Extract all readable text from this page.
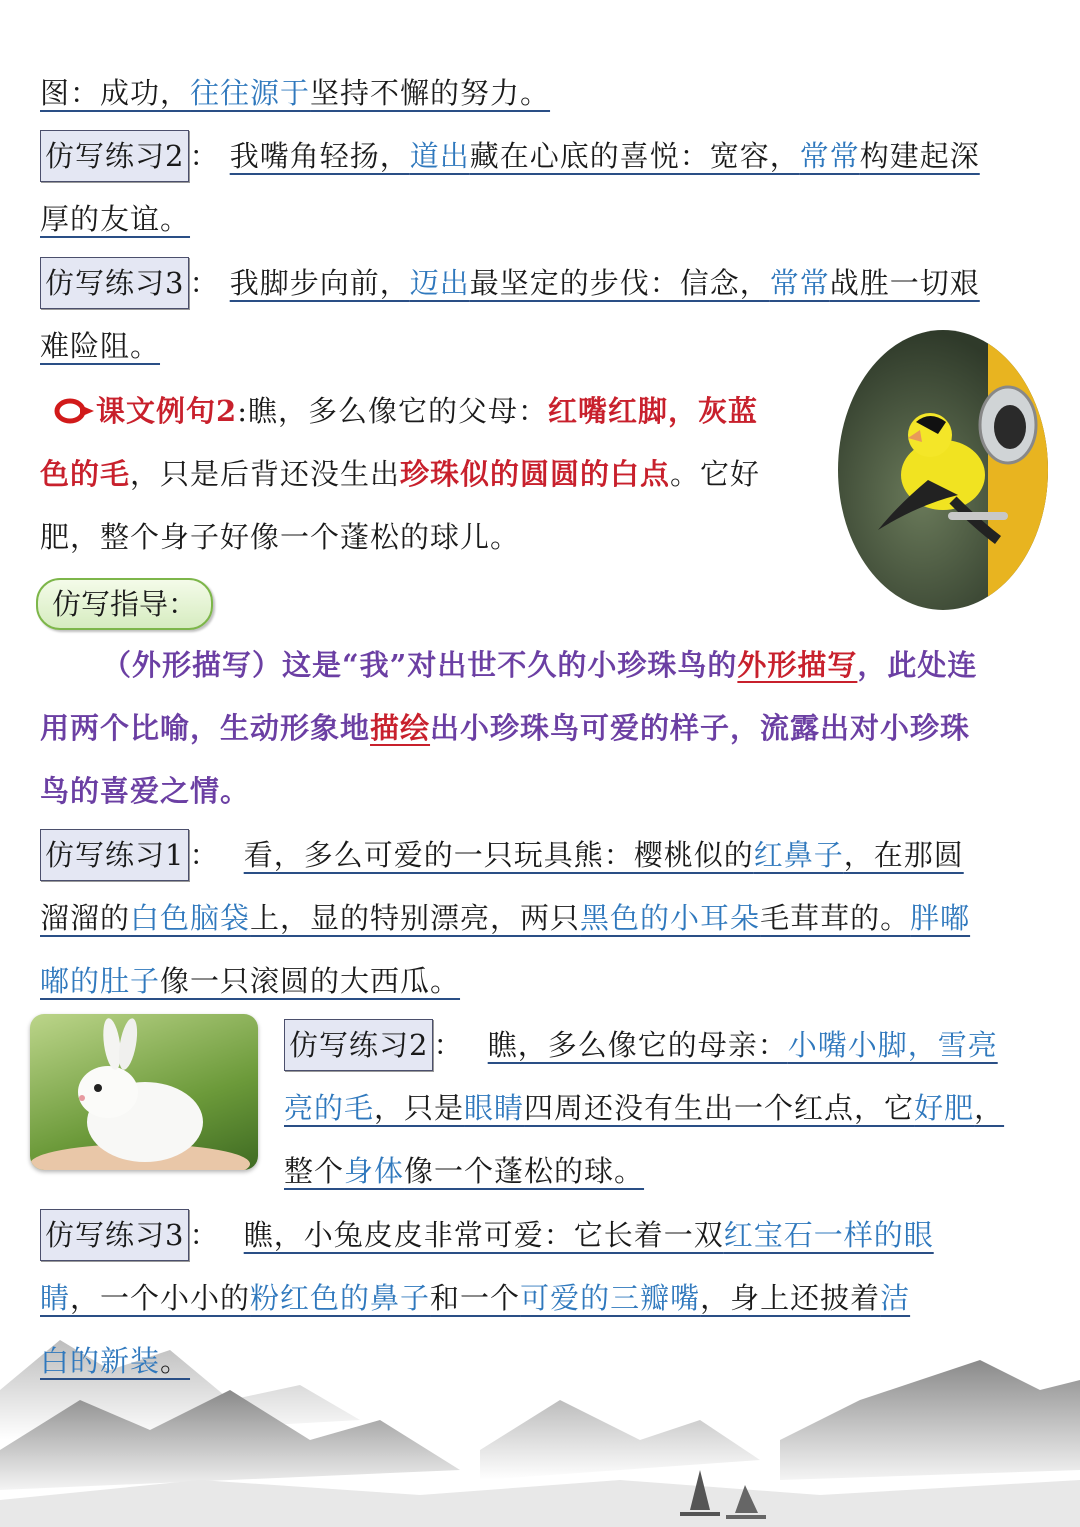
图：成功，往往源于坚持不懈的努力。
仿写练习2 ： 我嘴角轻扬，道出藏在心底的喜悦：宽容，常常构建起深
厚的友谊。
仿写练习3 ： 我脚步向前，迈出最坚定的步伐：信念，常常战胜一切艰
难险阻。
课文例句2:瞧，多么像它的父母：红嘴红脚，灰蓝
色的毛，只是后背还没生出珍珠似的圆圆的白点。它好
肥，整个身子好像一个蓬松的球儿。
仿写指导：
（外形描写）这是“我”对出世不久的小珍珠鸟的外形描写，此处连
用两个比喻，生动形象地描绘出小珍珠鸟可爱的样子，流露出对小珍珠
鸟的喜爱之情。
仿写练习1 ： 看，多么可爱的一只玩具熊：樱桃似的红鼻子，在那圆
溜溜的白色脑袋上，显的特别漂亮，两只黑色的小耳朵毛茸茸的。胖嘟
嘟的肚子像一只滚圆的大西瓜。
仿写练习2 ： 瞧，多么像它的母亲：小嘴小脚，雪亮
亮的毛，只是眼睛四周还没有生出一个红点，它好肥，
整个身体像一个蓬松的球。
仿写练习3 ： 瞧，小兔皮皮非常可爱：它长着一双红宝石一样的眼
睛，一个小小的粉红色的鼻子和一个可爱的三瓣嘴，身上还披着洁
白的新装。
